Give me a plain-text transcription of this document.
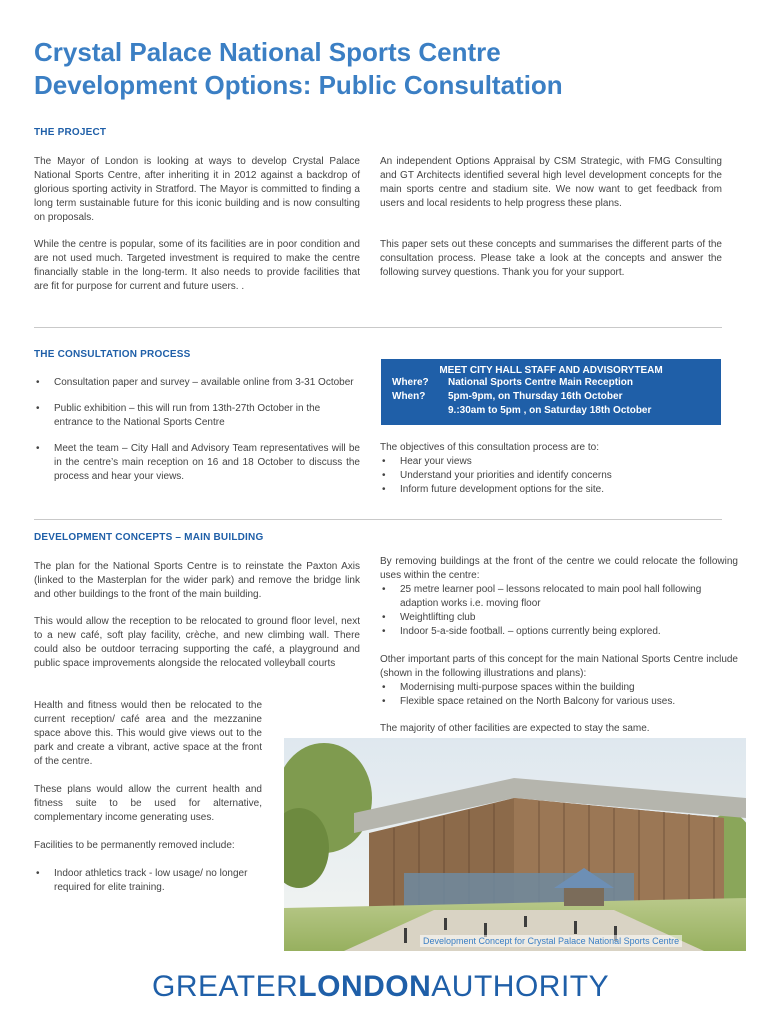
Crystal Palace National Sports Centre
Development Options: Public Consultation
THE PROJECT
The Mayor of London is looking at ways to develop Crystal Palace National Sports Centre, after inheriting it in 2012 against a backdrop of glorious sporting activity in Stratford. The Mayor is committed to finding a long term sustainable future for this iconic building and is now consulting on proposals.
While the centre is popular, some of its facilities are in poor condition and are not used much. Targeted investment is required to make the centre financially stable in the long-term. It also needs to provide facilities that are fit for purpose for current and future users. .
An independent Options Appraisal by CSM Strategic, with FMG Consulting and GT Architects identified several high level development concepts for the main sports centre and stadium site. We now want to get feedback from users and local residents to help progress these plans.
This paper sets out these concepts and summarises the different parts of the consultation process. Please take a look at the concepts and answer the following survey questions. Thank you for your support.
THE CONSULTATION PROCESS
• Consultation paper and survey – available online from 3-31 October
• Public exhibition – this will run from 13th-27th October in the entrance to the National Sports Centre
• Meet the team – City Hall and Advisory Team representatives will be in the centre’s main reception on 16 and 18 October to discuss the process and hear your views.
MEET CITY HALL STAFF AND ADVISORYTEAM
Where?	National Sports Centre Main Reception
When?	5pm-9pm, on Thursday 16th October
9.:30am to 5pm , on Saturday 18th October
The objectives of this consultation process are to:
• Hear your views
• Understand your priorities and identify concerns
• Inform future development options for the site.
DEVELOPMENT CONCEPTS – MAIN BUILDING
The plan for the National Sports Centre is to reinstate the Paxton Axis (linked to the Masterplan for the wider park) and remove the bridge link and other buildings to the front of the main building.
This would allow the reception to be relocated to ground floor level, next to a new café, soft play facility, crèche, and new climbing wall. There could also be outdoor terracing supporting the café, a playground and public space improvements alongside the relocated volleyball courts
Health and fitness would then be relocated to the current reception/ café area and the mezzanine space above this. This would give views out to the park and create a vibrant, active space at the front of the centre.
These plans would allow the current health and fitness suite to be used for alternative, complementary income generating uses.
Facilities to be permanently removed include:
• Indoor athletics track - low usage/ no longer required for elite training.
By removing buildings at the front of the centre we could relocate the following uses within the centre:
• 25 metre learner pool – lessons relocated to main pool hall following adaption works i.e. moving floor
• Weightlifting club
• Indoor 5-a-side football. – options currently being explored.
Other important parts of this concept for the main National Sports Centre include (shown in the following illustrations and plans):
• Modernising multi-purpose spaces within the building
• Flexible space retained on the North Balcony for various uses.
The majority of other facilities are expected to stay the same.
Development Concept for Crystal Palace National Sports Centre
GREATERLONDONAUTHORITY
